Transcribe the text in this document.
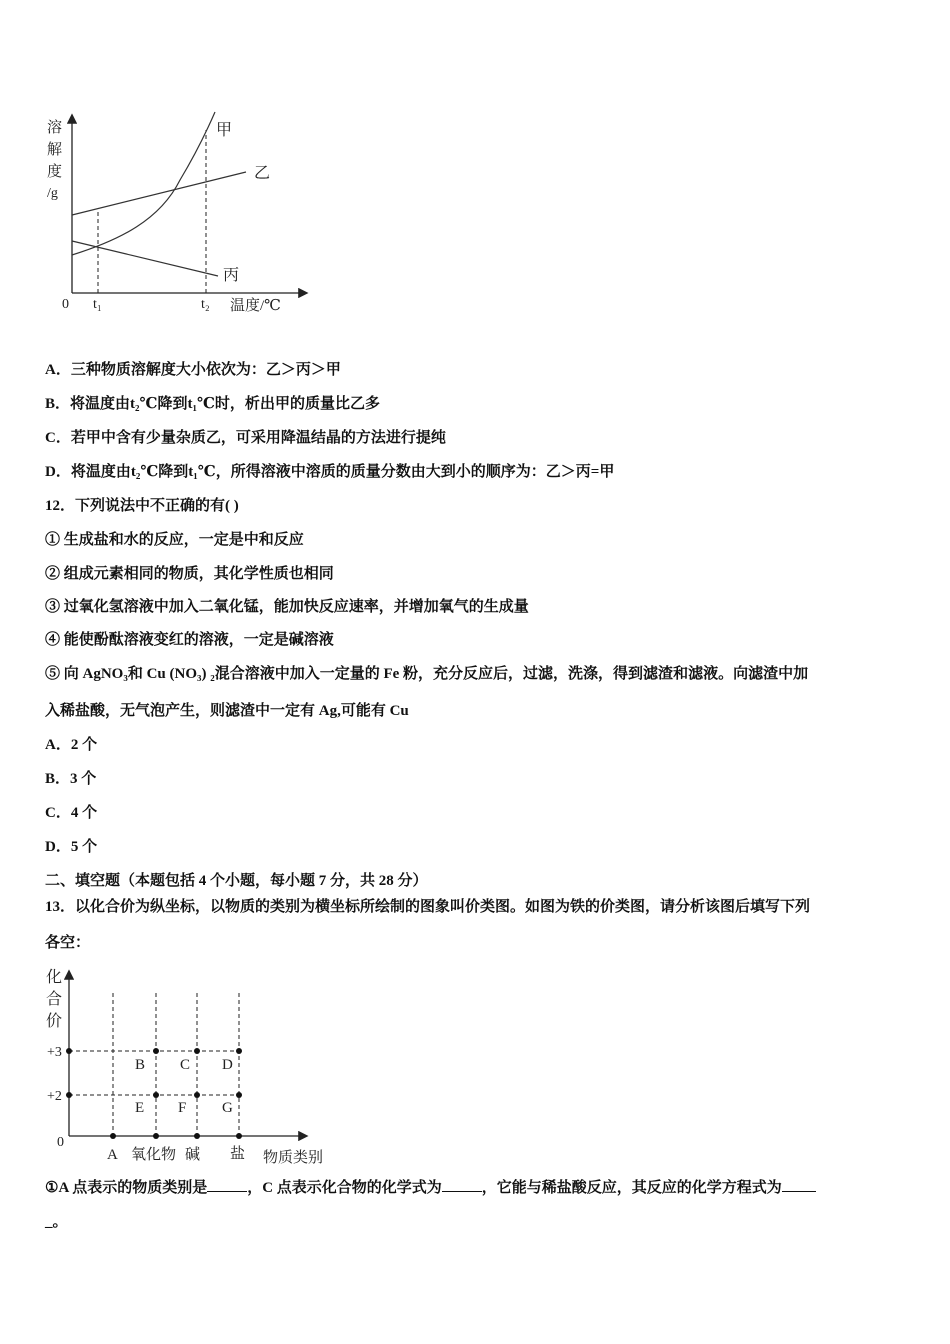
溶
解
度
/g
0 t₁	t₂ 温度/℃
甲
乙
丙
A．三种物质溶解度大小依次为：乙＞丙＞甲
B．将温度由t₂℃降到t₁℃时，析出甲的质量比乙多
C．若甲中含有少量杂质乙，可采用降温结晶的方法进行提纯
D．将温度由t₂℃降到t₁℃，所得溶液中溶质的质量分数由大到小的顺序为：乙＞丙=甲
12．下列说法中不正确的有( )
① 生成盐和水的反应，一定是中和反应
② 组成元素相同的物质，其化学性质也相同
③ 过氧化氢溶液中加入二氧化锰，能加快反应速率，并增加氧气的生成量
④ 能使酚酞溶液变红的溶液，一定是碱溶液
⑤ 向 AgNO₃和 Cu (NO₃) ₂混合溶液中加入一定量的 Fe 粉，充分反应后，过滤，洗涤，得到滤渣和滤液。向滤渣中加
入稀盐酸，无气泡产生，则滤渣中一定有 Ag,可能有 Cu
A．2 个
B．3 个
C．4 个
D．5 个
二、填空题（本题包括 4 个小题，每小题 7 分，共 28 分）
13．以化合价为纵坐标，以物质的类别为横坐标所绘制的图象叫价类图。如图为铁的价类图，请分析该图后填写下列
各空：
化
合
价
+3
+2
0
B C D
E F G
A 氧化物 碱 盐 物质类别
①A 点表示的物质类别是	，C 点表示化合物的化学式为	，它能与稀盐酸反应，其反应的化学方程式为
_。
